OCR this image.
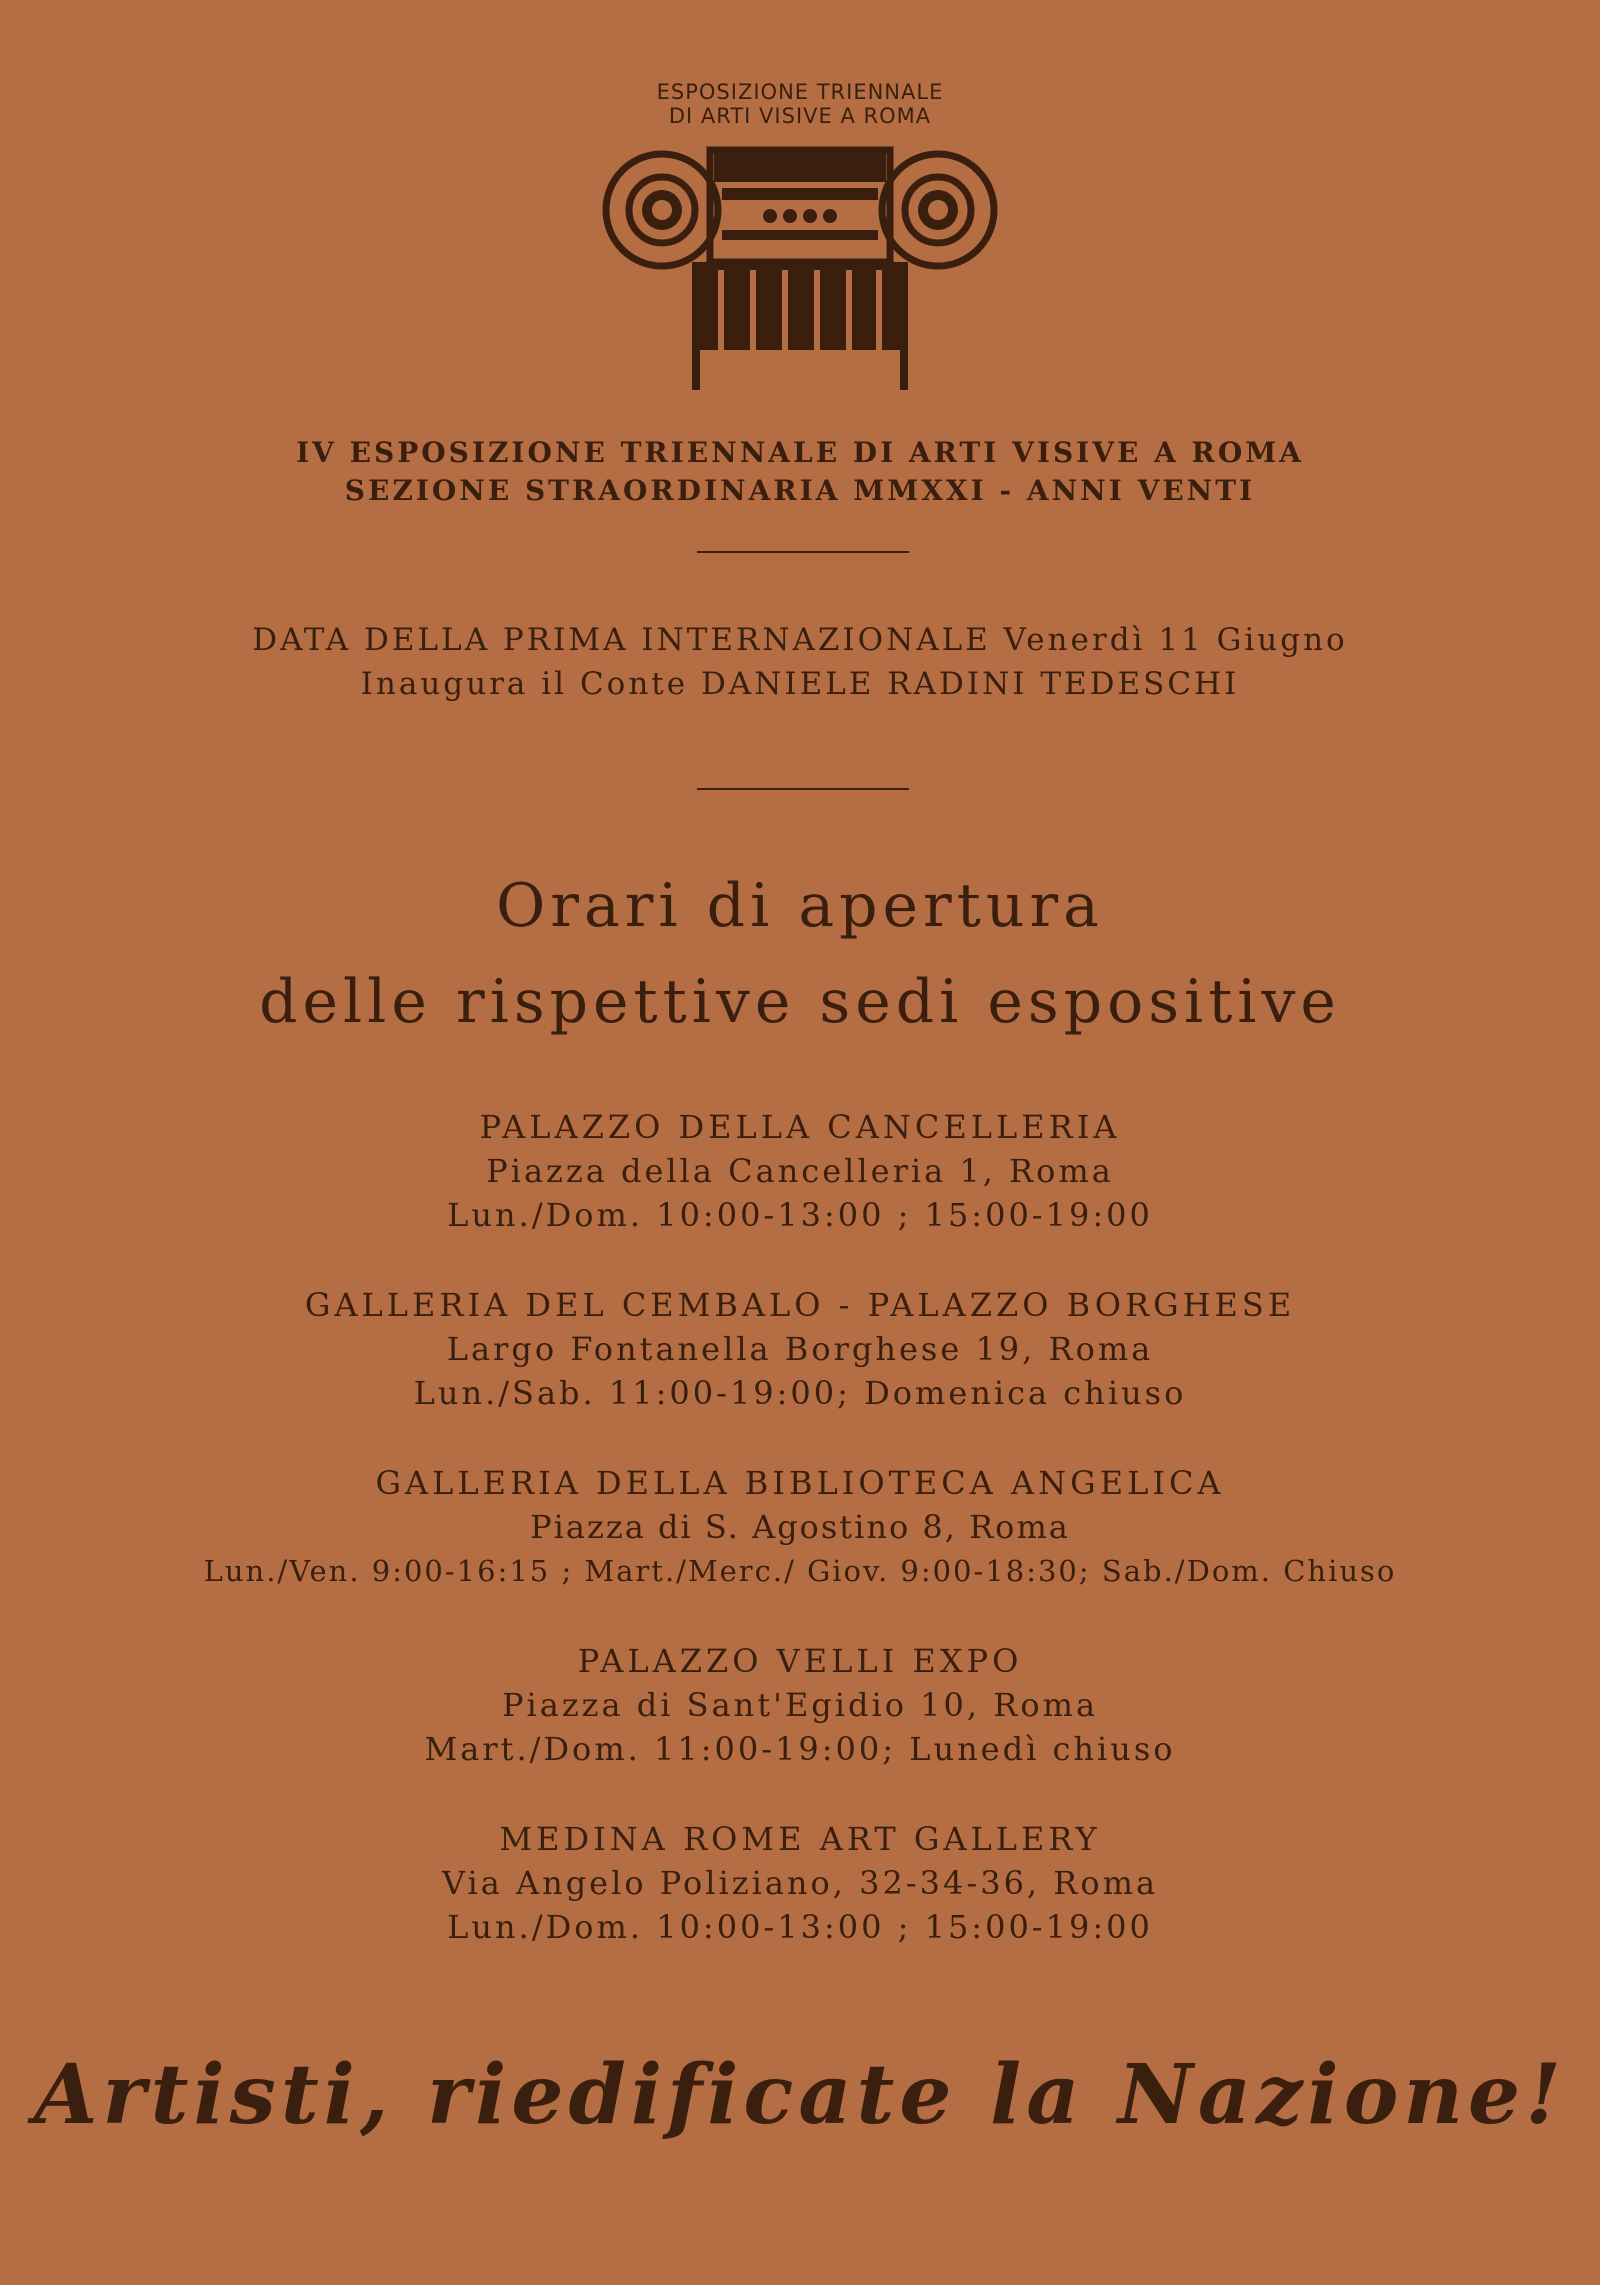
ESPOSIZIONE TRIENNALE
DI ARTI VISIVE A ROMA
IV ESPOSIZIONE TRIENNALE DI ARTI VISIVE A ROMA
SEZIONE STRAORDINARIA MMXXI - ANNI VENTI
DATA DELLA PRIMA INTERNAZIONALE Venerdì 11 Giugno
Inaugura il Conte DANIELE RADINI TEDESCHI
Orari di apertura
delle rispettive sedi espositive
PALAZZO DELLA CANCELLERIA
Piazza della Cancelleria 1, Roma
Lun./Dom. 10:00-13:00 ; 15:00-19:00
GALLERIA DEL CEMBALO - PALAZZO BORGHESE
Largo Fontanella Borghese 19, Roma
Lun./Sab. 11:00-19:00; Domenica chiuso
GALLERIA DELLA BIBLIOTECA ANGELICA
Piazza di S. Agostino 8, Roma
Lun./Ven. 9:00-16:15 ; Mart./Merc./ Giov. 9:00-18:30; Sab./Dom. Chiuso
PALAZZO VELLI EXPO
Piazza di Sant'Egidio 10, Roma
Mart./Dom. 11:00-19:00; Lunedì chiuso
MEDINA ROME ART GALLERY
Via Angelo Poliziano, 32-34-36, Roma
Lun./Dom. 10:00-13:00 ; 15:00-19:00
Artisti, riedificate la Nazione!
